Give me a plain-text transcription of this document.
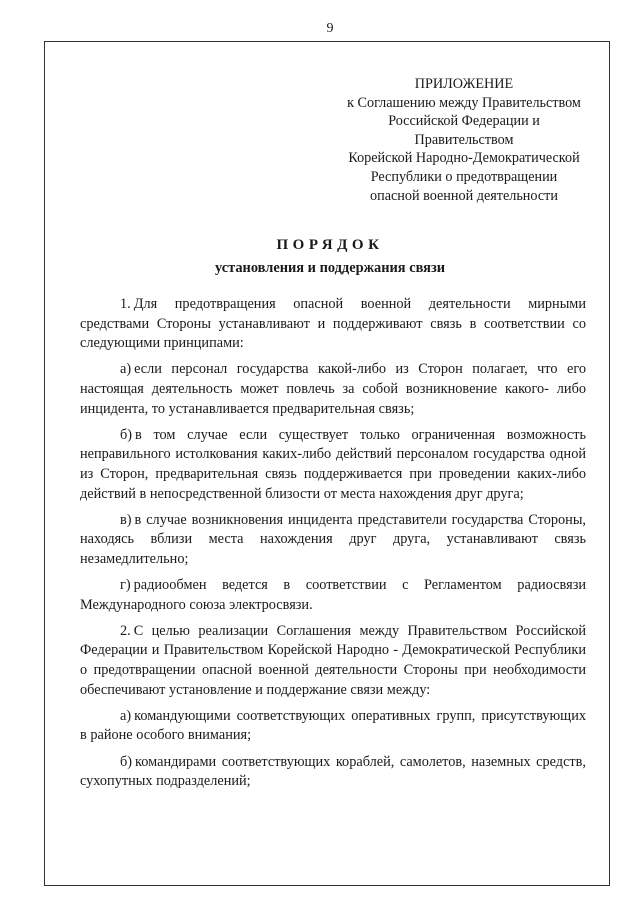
9
ПРИЛОЖЕНИЕ
к Соглашению между Правительством
Российской Федерации и
Правительством
Корейской Народно-Демократической
Республики о предотвращении
опасной военной деятельности
ПОРЯДОК
установления и поддержания связи

1. Для предотвращения опасной военной деятельности мирными средствами Стороны устанавливают и поддерживают связь в соответствии со следующими принципами:

а) если персонал государства какой-либо из Сторон полагает, что его настоящая деятельность может повлечь за собой возникновение какого- либо инцидента, то устанавливается предварительная связь;

б) в том случае если существует только ограниченная возможность неправильного истолкования каких-либо действий персоналом государства одной из Сторон, предварительная связь поддерживается при проведении каких-либо действий в непосредственной близости от места нахождения друг друга;

в) в случае возникновения инцидента представители государства Стороны, находясь вблизи места нахождения друг друга, устанавливают связь незамедлительно;

г) радиообмен ведется в соответствии с Регламентом радиосвязи Международного союза электросвязи.

2. С целью реализации Соглашения между Правительством Российской Федерации и Правительством Корейской Народно - Демократической Республики о предотвращении опасной военной деятельности Стороны при необходимости обеспечивают установление и поддержание связи между:

а) командующими соответствующих оперативных групп, присутствующих в районе особого внимания;

б) командирами соответствующих кораблей, самолетов, наземных средств, сухопутных подразделений;
